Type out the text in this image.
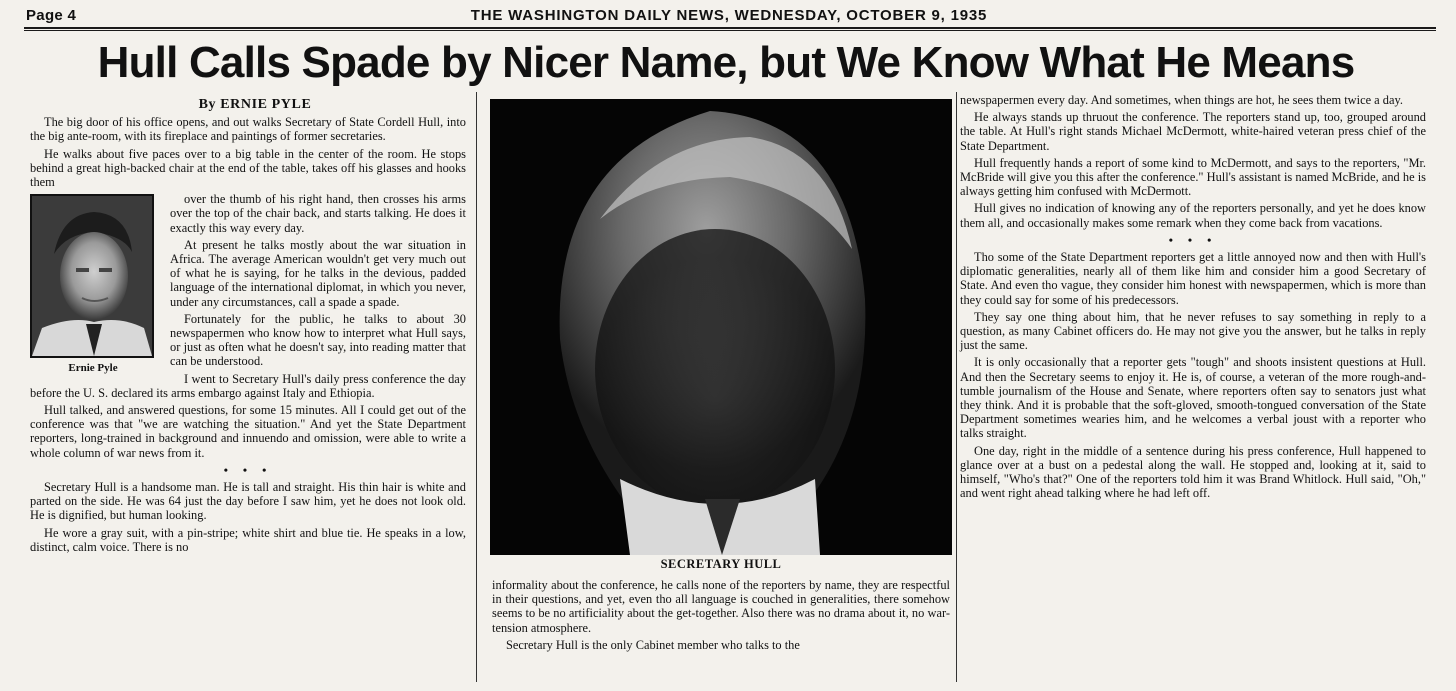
Page 4	THE WASHINGTON DAILY NEWS, WEDNESDAY, OCTOBER 9, 1935
Hull Calls Spade by Nicer Name, but We Know What He Means

By ERNIE PYLE

The big door of his office opens, and out walks Secretary of State Cordell Hull, into the big ante-room, with its fireplace and paintings of former secretaries.

He walks about five paces over to a big table in the center of the room. He stops behind a great high-backed chair at the end of the table, takes off his glasses and hooks them

Ernie Pyle

over the thumb of his right hand, then crosses his arms over the top of the chair back, and starts talking. He does it exactly this way every day.

At present he talks mostly about the war situation in Africa. The average American wouldn't get very much out of what he is saying, for he talks in the devious, padded language of the international diplomat, in which you never, under any circumstances, call a spade a spade.

Fortunately for the public, he talks to about 30 newspapermen who know how to interpret what Hull says, or just as often what he doesn't say, into reading matter that can be understood.

I went to Secretary Hull's daily press conference the day before the U. S. declared its arms embargo against Italy and Ethiopia.

Hull talked, and answered questions, for some 15 minutes. All I could get out of the conference was that "we are watching the situation." And yet the State Department reporters, long-trained in background and innuendo and omission, were able to write a whole column of war news from it.

• • •

Secretary Hull is a handsome man. He is tall and straight. His thin hair is white and parted on the side. He was 64 just the day before I saw him, yet he does not look old. He is dignified, but human looking.

He wore a gray suit, with a pin-stripe; white shirt and blue tie. He speaks in a low, distinct, calm voice. There is no

SECRETARY HULL

informality about the conference, he calls none of the reporters by name, they are respectful in their questions, and yet, even tho all language is couched in generalities, there somehow seems to be no artificiality about the get-together. Also there was no drama about it, no war-tension atmosphere.

Secretary Hull is the only Cabinet member who talks to the

newspapermen every day. And sometimes, when things are hot, he sees them twice a day.

He always stands up thruout the conference. The reporters stand up, too, grouped around the table. At Hull's right stands Michael McDermott, white-haired veteran press chief of the State Department.

Hull frequently hands a report of some kind to McDermott, and says to the reporters, "Mr. McBride will give you this after the conference." Hull's assistant is named McBride, and he is always getting him confused with McDermott.

Hull gives no indication of knowing any of the reporters personally, and yet he does know them all, and occasionally makes some remark when they come back from vacations.

• • •

Tho some of the State Department reporters get a little annoyed now and then with Hull's diplomatic generalities, nearly all of them like him and consider him a good Secretary of State. And even tho vague, they consider him honest with newspapermen, which is more than they could say for some of his predecessors.

They say one thing about him, that he never refuses to say something in reply to a question, as many Cabinet officers do. He may not give you the answer, but he talks in reply just the same.

It is only occasionally that a reporter gets "tough" and shoots insistent questions at Hull. And then the Secretary seems to enjoy it. He is, of course, a veteran of the more rough-and-tumble journalism of the House and Senate, where reporters often say to senators just what they think. And it is probable that the soft-gloved, smooth-tongued conversation of the State Department sometimes wearies him, and he welcomes a verbal joust with a reporter who talks straight.

One day, right in the middle of a sentence during his press conference, Hull happened to glance over at a bust on a pedestal along the wall. He stopped and, looking at it, said to himself, "Who's that?" One of the reporters told him it was Brand Whitlock. Hull said, "Oh," and went right ahead talking where he had left off.
